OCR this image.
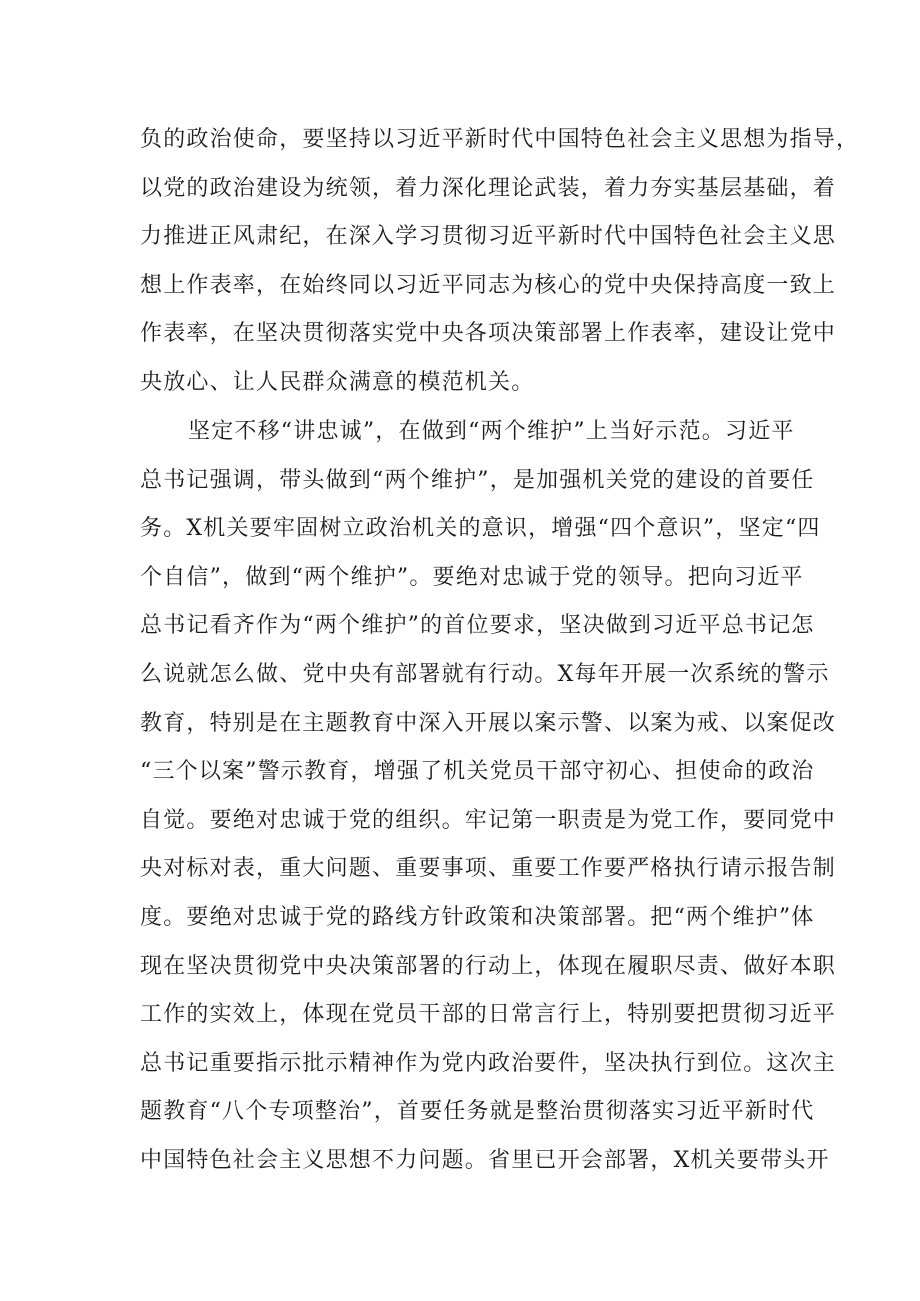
负的政治使命，要坚持以习近平新时代中国特色社会主义思想为指导，
以党的政治建设为统领，着力深化理论武装，着力夯实基层基础，着
力推进正风肃纪，在深入学习贯彻习近平新时代中国特色社会主义思
想上作表率，在始终同以习近平同志为核心的党中央保持高度一致上
作表率，在坚决贯彻落实党中央各项决策部署上作表率，建设让党中
央放心、让人民群众满意的模范机关。
坚定不移“讲忠诚”，在做到“两个维护”上当好示范。习近平
总书记强调，带头做到“两个维护”，是加强机关党的建设的首要任
务。X机关要牢固树立政治机关的意识，增强“四个意识”，坚定“四
个自信”，做到“两个维护”。要绝对忠诚于党的领导。把向习近平
总书记看齐作为“两个维护”的首位要求，坚决做到习近平总书记怎
么说就怎么做、党中央有部署就有行动。X每年开展一次系统的警示
教育，特别是在主题教育中深入开展以案示警、以案为戒、以案促改
“三个以案”警示教育，增强了机关党员干部守初心、担使命的政治
自觉。要绝对忠诚于党的组织。牢记第一职责是为党工作，要同党中
央对标对表，重大问题、重要事项、重要工作要严格执行请示报告制
度。要绝对忠诚于党的路线方针政策和决策部署。把“两个维护”体
现在坚决贯彻党中央决策部署的行动上，体现在履职尽责、做好本职
工作的实效上，体现在党员干部的日常言行上，特别要把贯彻习近平
总书记重要指示批示精神作为党内政治要件，坚决执行到位。这次主
题教育“八个专项整治”，首要任务就是整治贯彻落实习近平新时代
中国特色社会主义思想不力问题。省里已开会部署，X机关要带头开
